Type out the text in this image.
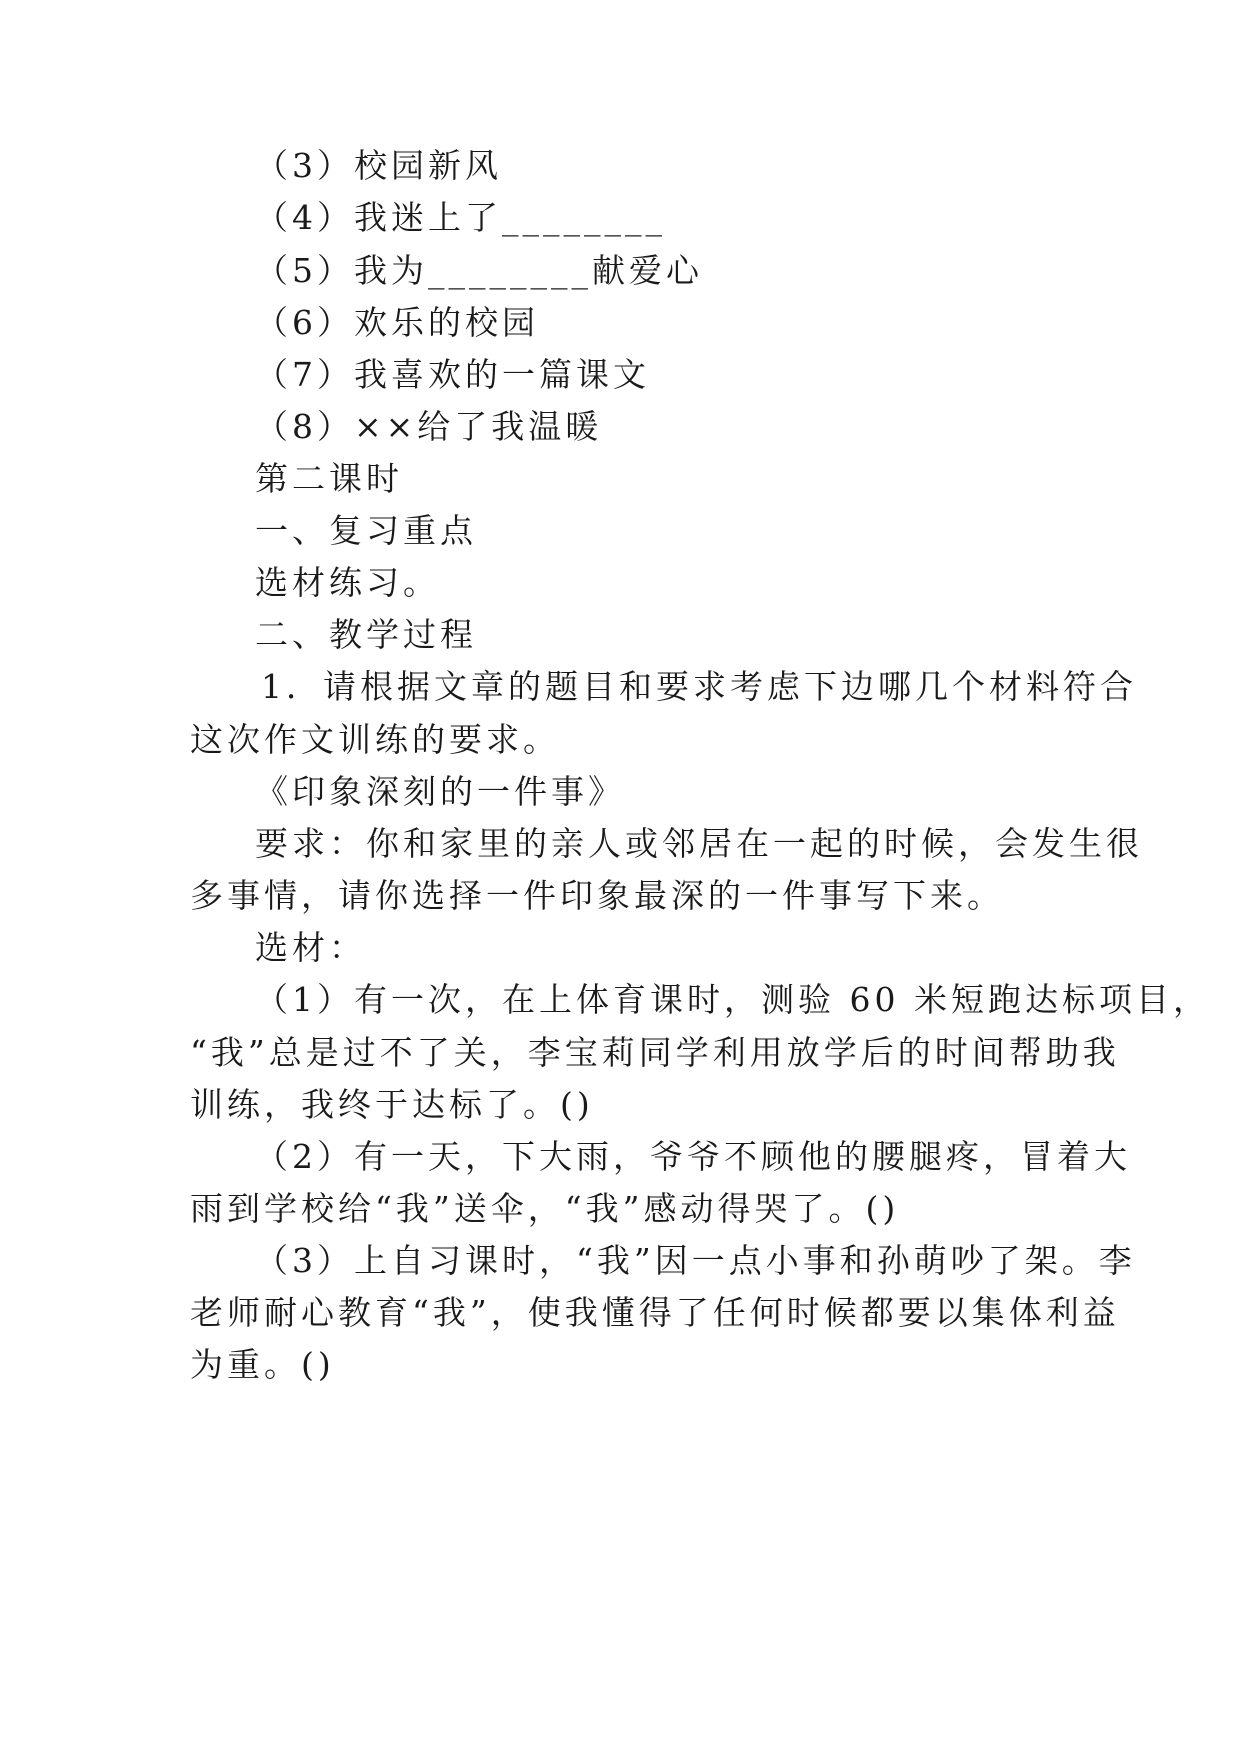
（3）校园新风
（4）我迷上了________
（5）我为________献爱心
（6）欢乐的校园
（7）我喜欢的一篇课文
（8）××给了我温暖
第二课时
一、复习重点
选材练习。
二、教学过程
1．请根据文章的题目和要求考虑下边哪几个材料符合
这次作文训练的要求。
《印象深刻的一件事》
要求：你和家里的亲人或邻居在一起的时候，会发生很
多事情，请你选择一件印象最深的一件事写下来。
选材：
（1）有一次，在上体育课时，测验 60 米短跑达标项目，
“我”总是过不了关，李宝莉同学利用放学后的时间帮助我
训练，我终于达标了。()
（2）有一天，下大雨，爷爷不顾他的腰腿疼，冒着大
雨到学校给“我”送伞，“我”感动得哭了。()
（3）上自习课时，“我”因一点小事和孙萌吵了架。李
老师耐心教育“我”，使我懂得了任何时候都要以集体利益
为重。()
